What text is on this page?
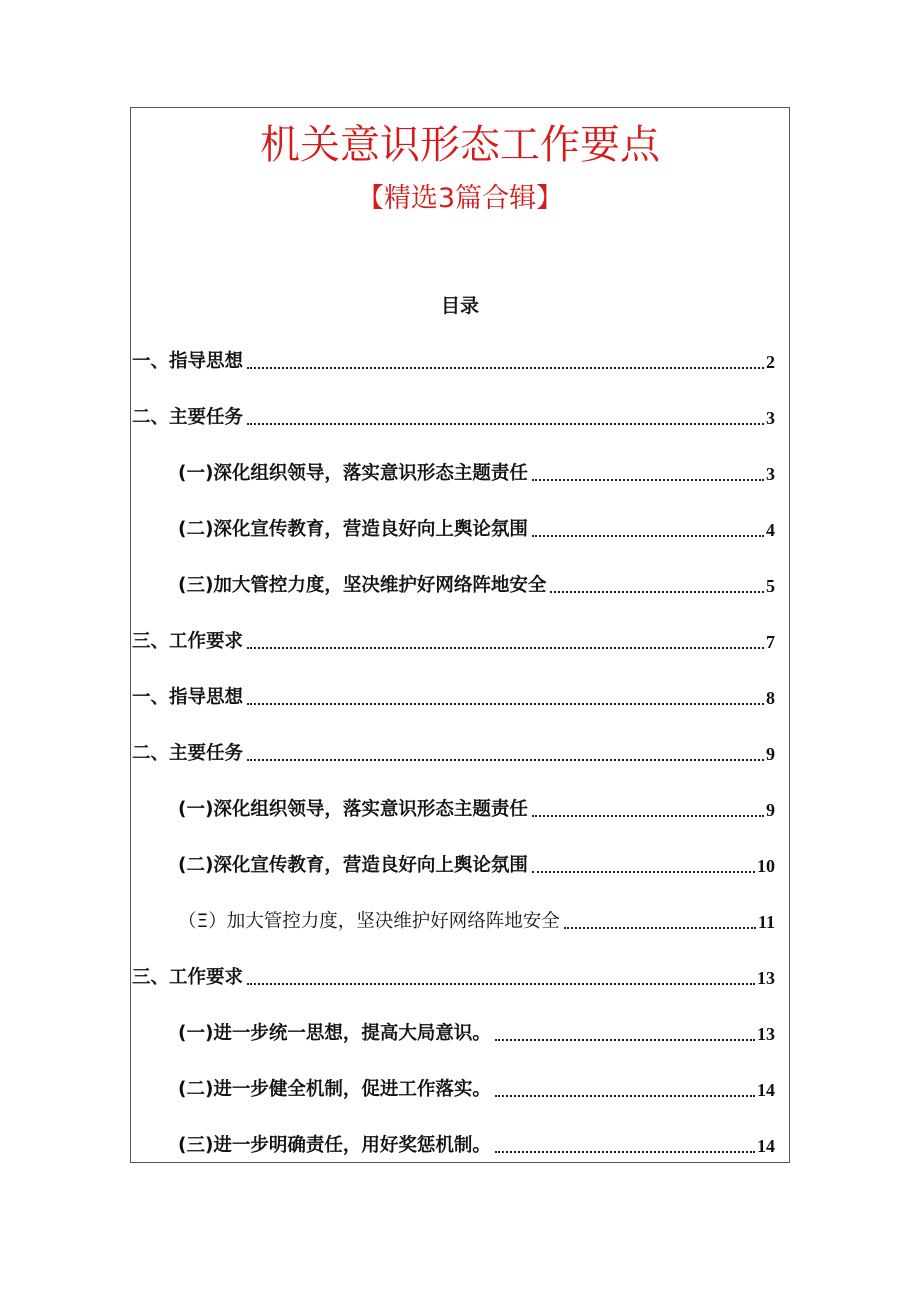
机关意识形态工作要点
【精选3篇合辑】
目录
一、指导思想	2
二、主要任务	3
(一)深化组织领导，落实意识形态主题责任	3
(二)深化宣传教育，营造良好向上舆论氛围	4
(三)加大管控力度，坚决维护好网络阵地安全	5
三、工作要求	7
一、指导思想	8
二、主要任务	9
(一)深化组织领导，落实意识形态主题责任	9
(二)深化宣传教育，营造良好向上舆论氛围	10
（Ξ）加大管控力度，坚决维护好网络阵地安全	11
三、工作要求	13
(一)进一步统一思想，提高大局意识。	13
(二)进一步健全机制，促进工作落实。	14
(三)进一步明确责任，用好奖惩机制。	14
